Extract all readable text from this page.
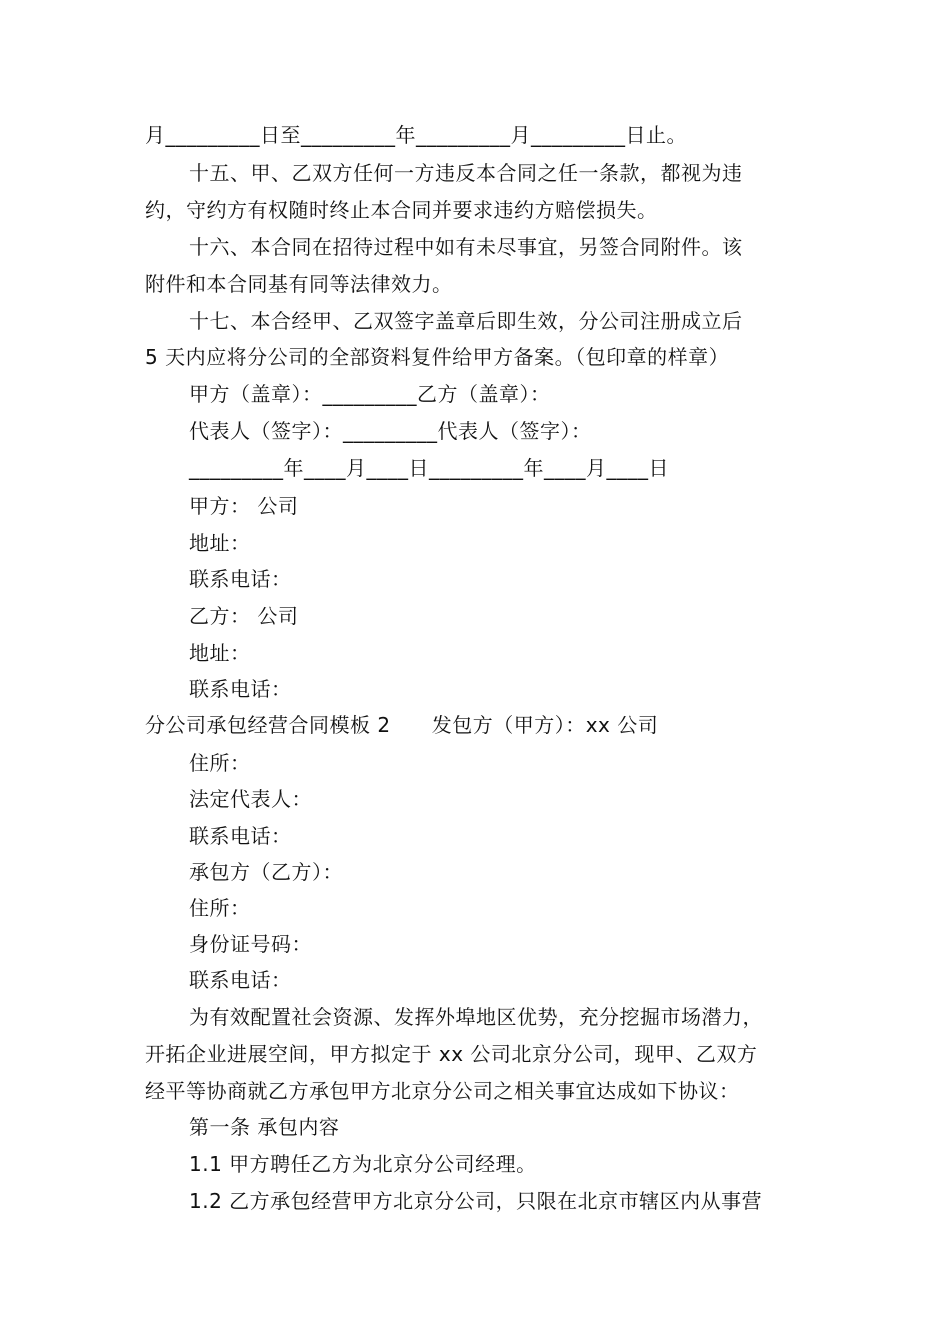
月_________日至_________年_________月_________日止。
十五、甲、乙双方任何一方违反本合同之任一条款，都视为违
约，守约方有权随时终止本合同并要求违约方赔偿损失。
十六、本合同在招待过程中如有未尽事宜，另签合同附件。该
附件和本合同基有同等法律效力。
十七、本合经甲、乙双签字盖章后即生效，分公司注册成立后
5 天内应将分公司的全部资料复件给甲方备案。（包印章的样章）
甲方（盖章）：_________乙方（盖章）：
代表人（签字）：_________代表人（签字）：
_________年____月____日_________年____月____日
甲方： 公司
地址：
联系电话：
乙方： 公司
地址：
联系电话：
分公司承包经营合同模板 2      发包方（甲方）：xx 公司
住所：
法定代表人：
联系电话：
承包方（乙方）：
住所：
身份证号码：
联系电话：
为有效配置社会资源、发挥外埠地区优势，充分挖掘市场潜力，
开拓企业进展空间，甲方拟定于 xx 公司北京分公司，现甲、乙双方
经平等协商就乙方承包甲方北京分公司之相关事宜达成如下协议：
第一条 承包内容
1.1 甲方聘任乙方为北京分公司经理。
1.2 乙方承包经营甲方北京分公司，只限在北京市辖区内从事营
